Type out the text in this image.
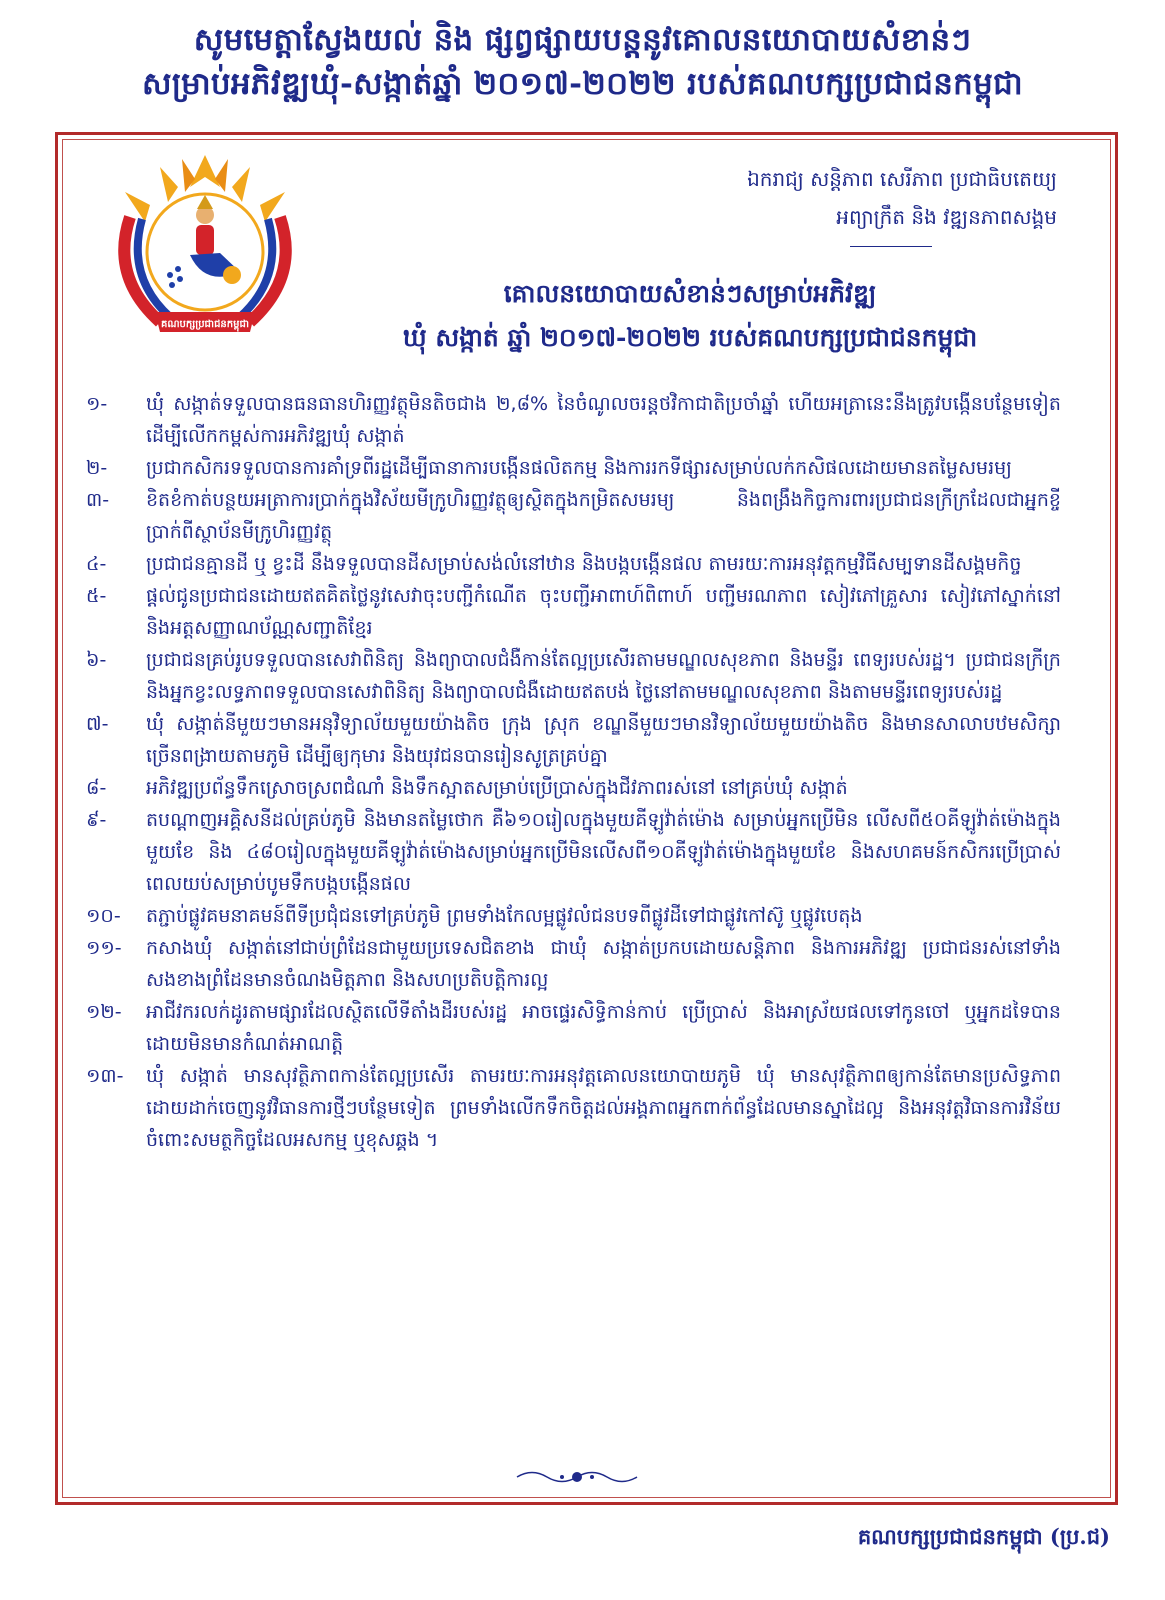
សូមមេត្តាស្វែងយល់ និង ផ្សព្វផ្សាយបន្តនូវគោលនយោបាយសំខាន់ៗ
សម្រាប់អភិវឌ្ឍឃុំ-សង្កាត់ឆ្នាំ ២០១៧-២០២២ របស់គណបក្សប្រជាជនកម្ពុជា
គណបក្សប្រជាជនកម្ពុជា
ឯករាជ្យ សន្តិភាព សេរីភាព ប្រជាធិបតេយ្យ
អព្យាក្រឹត និង វឌ្ឍនភាពសង្គម
គោលនយោបាយសំខាន់ៗសម្រាប់អភិវឌ្ឍ
ឃុំ សង្កាត់ ឆ្នាំ ២០១៧-២០២២ របស់គណបក្សប្រជាជនកម្ពុជា
១-	ឃុំ សង្កាត់ទទួលបានធនធានហិរញ្ញវត្ថុមិនតិចជាង ២,៨% នៃចំណូលចរន្តថវិកាជាតិប្រចាំឆ្នាំ ហើយអត្រានេះនឹងត្រូវបង្កើនបន្ថែមទៀតដើម្បីលើកកម្ពស់ការអភិវឌ្ឍឃុំ សង្កាត់
២-	ប្រជាកសិករទទួលបានការគាំទ្រពីរដ្ឋដើម្បីធានាការបង្កើនផលិតកម្ម និងការរកទីផ្សារសម្រាប់លក់កសិផលដោយមានតម្លៃសមរម្យ
៣-	ខិតខំកាត់បន្ថយអត្រាការប្រាក់ក្នុងវិស័យមីក្រូហិរញ្ញវត្ថុឲ្យស្ថិតក្នុងកម្រិតសមរម្យ និងពង្រឹងកិច្ចការពារប្រជាជនក្រីក្រដែលជាអ្នកខ្ចីប្រាក់ពីស្ថាប័នមីក្រូហិរញ្ញវត្ថុ
៤-	ប្រជាជនគ្មានដី ឬ ខ្វះដី នឹងទទួលបានដីសម្រាប់សង់លំនៅឋាន និងបង្កបង្កើនផល តាមរយៈការអនុវត្តកម្មវិធីសម្បទានដីសង្គមកិច្ច
៥-	ផ្តល់ជូនប្រជាជនដោយឥតគិតថ្លៃនូវសេវាចុះបញ្ជីកំណើត ចុះបញ្ជីអាពាហ៍ពិពាហ៍ បញ្ជីមរណភាព សៀវភៅគ្រួសារ សៀវភៅស្នាក់នៅ និងអត្តសញ្ញាណប័ណ្ណសញ្ជាតិខ្មែរ
៦-	ប្រជាជនគ្រប់រូបទទួលបានសេវាពិនិត្យ និងព្យាបាលជំងឺកាន់តែល្អប្រសើរតាមមណ្ឌលសុខភាព និងមន្ទីរ ពេទ្យរបស់រដ្ឋ។ ប្រជាជនក្រីក្រ និងអ្នកខ្វះលទ្ធភាពទទួលបានសេវាពិនិត្យ និងព្យាបាលជំងឺដោយឥតបង់ ថ្លៃនៅតាមមណ្ឌលសុខភាព និងតាមមន្ទីរពេទ្យរបស់រដ្ឋ
៧-	ឃុំ សង្កាត់នីមួយៗមានអនុវិទ្យាល័យមួយយ៉ាងតិច ក្រុង ស្រុក ខណ្ឌនីមួយៗមានវិទ្យាល័យមួយយ៉ាងតិច និងមានសាលាបឋមសិក្សាច្រើនពង្រាយតាមភូមិ ដើម្បីឲ្យកុមារ និងយុវជនបានរៀនសូត្រគ្រប់គ្នា
៨-	អភិវឌ្ឍប្រព័ន្ធទឹកស្រោចស្រពជំណាំ និងទឹកស្អាតសម្រាប់ប្រើប្រាស់ក្នុងជីវភាពរស់នៅ នៅគ្រប់ឃុំ សង្កាត់
៩-	តបណ្តាញអគ្គិសនីដល់គ្រប់ភូមិ និងមានតម្លៃថោក គឺ៦១០រៀលក្នុងមួយគីឡូវ៉ាត់ម៉ោង សម្រាប់អ្នកប្រើមិន លើសពី៥០គីឡូវ៉ាត់ម៉ោងក្នុងមួយខែ និង ៤៨០រៀលក្នុងមួយគីឡូវ៉ាត់ម៉ោងសម្រាប់អ្នកប្រើមិនលើសពី១០គីឡូវ៉ាត់ម៉ោងក្នុងមួយខែ និងសហគមន៍កសិករប្រើប្រាស់ពេលយប់សម្រាប់បូមទឹកបង្កបង្កើនផល
១០-	តភ្ជាប់ផ្លូវគមនាគមន៍ពីទីប្រជុំជនទៅគ្រប់ភូមិ ព្រមទាំងកែលម្អផ្លូវលំជនបទពីផ្លូវដីទៅជាផ្លូវកៅស៊ូ ឬផ្លូវបេតុង
១១-	កសាងឃុំ សង្កាត់នៅជាប់ព្រំដែនជាមួយប្រទេសជិតខាង ជាឃុំ សង្កាត់ប្រកបដោយសន្តិភាព និងការអភិវឌ្ឍ ប្រជាជនរស់នៅទាំងសងខាងព្រំដែនមានចំណងមិត្តភាព និងសហប្រតិបត្តិការល្អ
១២-	អាជីវករលក់ដូរតាមផ្សារដែលស្ថិតលើទីតាំងដីរបស់រដ្ឋ អាចផ្ទេរសិទ្ធិកាន់កាប់ ប្រើប្រាស់ និងអាស្រ័យផលទៅកូនចៅ ឬអ្នកដទៃបាន ដោយមិនមានកំណត់អាណត្តិ
១៣-	ឃុំ សង្កាត់ មានសុវត្ថិភាពកាន់តែល្អប្រសើរ តាមរយៈការអនុវត្តគោលនយោបាយភូមិ ឃុំ មានសុវត្ថិភាពឲ្យកាន់តែមានប្រសិទ្ធភាព ដោយដាក់ចេញនូវវិធានការថ្មីៗបន្ថែមទៀត ព្រមទាំងលើកទឹកចិត្តដល់អង្គភាពអ្នកពាក់ព័ន្ធដែលមានស្នាដៃល្អ និងអនុវត្តវិធានការវិន័យចំពោះសមត្ថកិច្ចដែលអសកម្ម ឬខុសឆ្គង ។
គណបក្សប្រជាជនកម្ពុជា (ប្រ.ជ)
